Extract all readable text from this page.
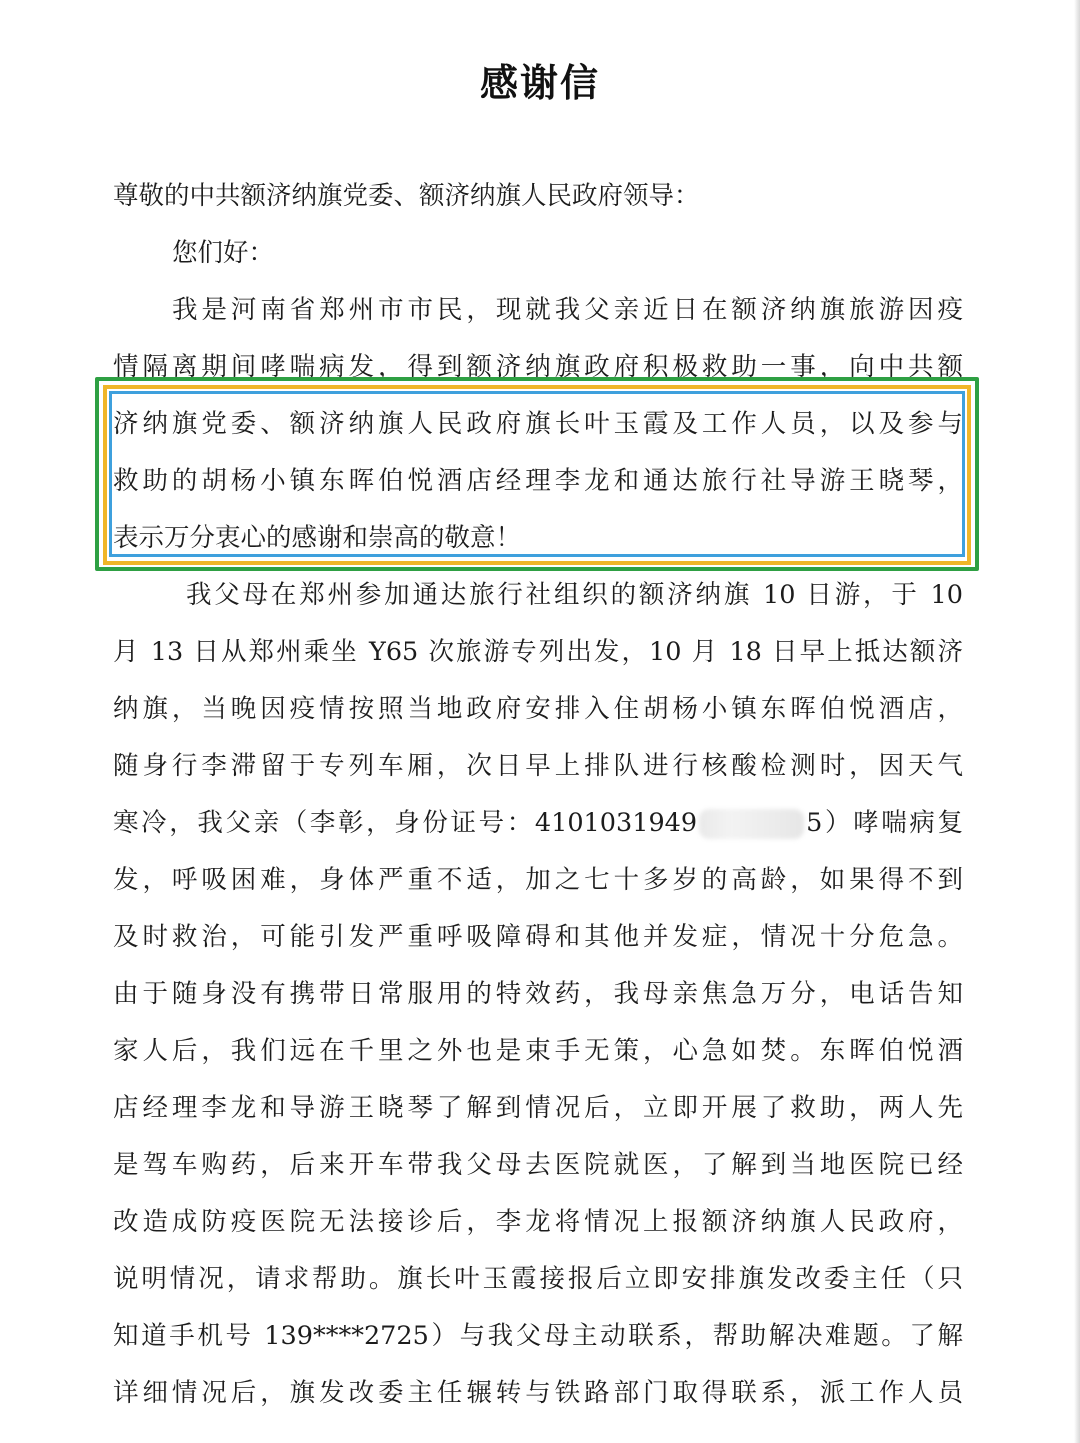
感谢信
尊敬的中共额济纳旗党委、额济纳旗人民政府领导：
您们好：
我是河南省郑州市市民，现就我父亲近日在额济纳旗旅游因疫
情隔离期间哮喘病发，得到额济纳旗政府积极救助一事，向中共额
济纳旗党委、额济纳旗人民政府旗长叶玉霞及工作人员，以及参与
救助的胡杨小镇东晖伯悦酒店经理李龙和通达旅行社导游王晓琴，
表示万分衷心的感谢和崇高的敬意！
我父母在郑州参加通达旅行社组织的额济纳旗 10 日游，于 10
月 13 日从郑州乘坐 Y65 次旅游专列出发，10 月 18 日早上抵达额济
纳旗，当晚因疫情按照当地政府安排入住胡杨小镇东晖伯悦酒店，
随身行李滞留于专列车厢，次日早上排队进行核酸检测时，因天气
寒冷，我父亲（李彰，身份证号：4101031949	5）哮喘病复
发，呼吸困难，身体严重不适，加之七十多岁的高龄，如果得不到
及时救治，可能引发严重呼吸障碍和其他并发症，情况十分危急。
由于随身没有携带日常服用的特效药，我母亲焦急万分，电话告知
家人后，我们远在千里之外也是束手无策，心急如焚。东晖伯悦酒
店经理李龙和导游王晓琴了解到情况后，立即开展了救助，两人先
是驾车购药，后来开车带我父母去医院就医，了解到当地医院已经
改造成防疫医院无法接诊后，李龙将情况上报额济纳旗人民政府，
说明情况，请求帮助。旗长叶玉霞接报后立即安排旗发改委主任（只
知道手机号 139****2725）与我父母主动联系，帮助解决难题。了解
详细情况后，旗发改委主任辗转与铁路部门取得联系，派工作人员
